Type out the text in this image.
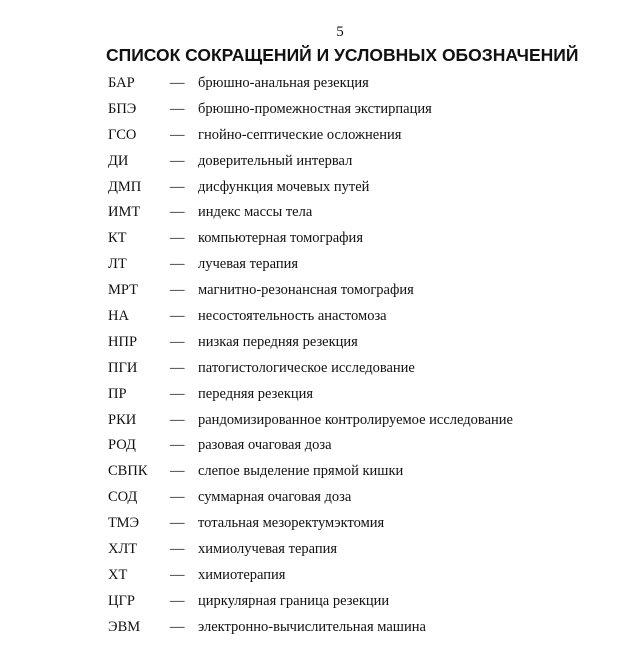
5
СПИСОК СОКРАЩЕНИЙ И УСЛОВНЫХ ОБОЗНАЧЕНИЙ
БАР — брюшно-анальная резекция
БПЭ — брюшно-промежностная экстирпация
ГСО — гнойно-септические осложнения
ДИ	— доверительный интервал
ДМП — дисфункция мочевых путей
ИМТ — индекс массы тела
КТ	— компьютерная томография
ЛТ	— лучевая терапия
МРТ — магнитно-резонансная томография
НА	— несостоятельность анастомоза
НПР — низкая передняя резекция
ПГИ — патогистологическое исследование
ПР	— передняя резекция
РКИ — рандомизированное контролируемое исследование
РОД — разовая очаговая доза
СВПК — слепое выделение прямой кишки
СОД — суммарная очаговая доза
ТМЭ — тотальная мезоректумэктомия
ХЛТ — химиолучевая терапия
ХТ	— химиотерапия
ЦГР — циркулярная граница резекции
ЭВМ — электронно-вычислительная машина
